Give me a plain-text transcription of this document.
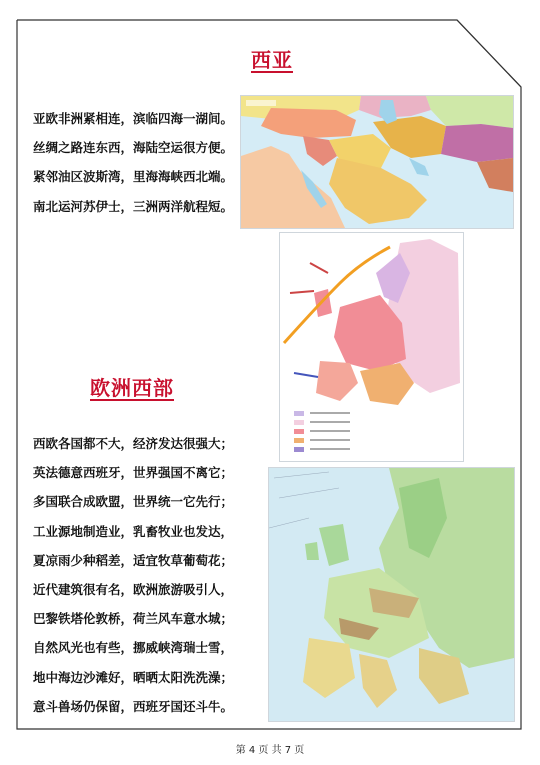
西亚
亚欧非洲紧相连，滨临四海一湖间。
丝绸之路连东西，海陆空运很方便。
紧邻油区波斯湾，里海海峡西北端。
南北运河苏伊士，三洲两洋航程短。
欧洲西部
西欧各国都不大，经济发达很强大；
英法德意西班牙，世界强国不离它；
多国联合成欧盟，世界统一它先行；
工业源地制造业，乳畜牧业也发达，
夏凉雨少种稻差，适宜牧草葡萄花；
近代建筑很有名，欧洲旅游吸引人，
巴黎铁塔伦敦桥，荷兰风车意水城；
自然风光也有些，挪威峡湾瑞士雪，
地中海边沙滩好，晒晒太阳洗洗澡；
意斗兽场仍保留，西班牙国还斗牛。
第 4 页 共 7 页
